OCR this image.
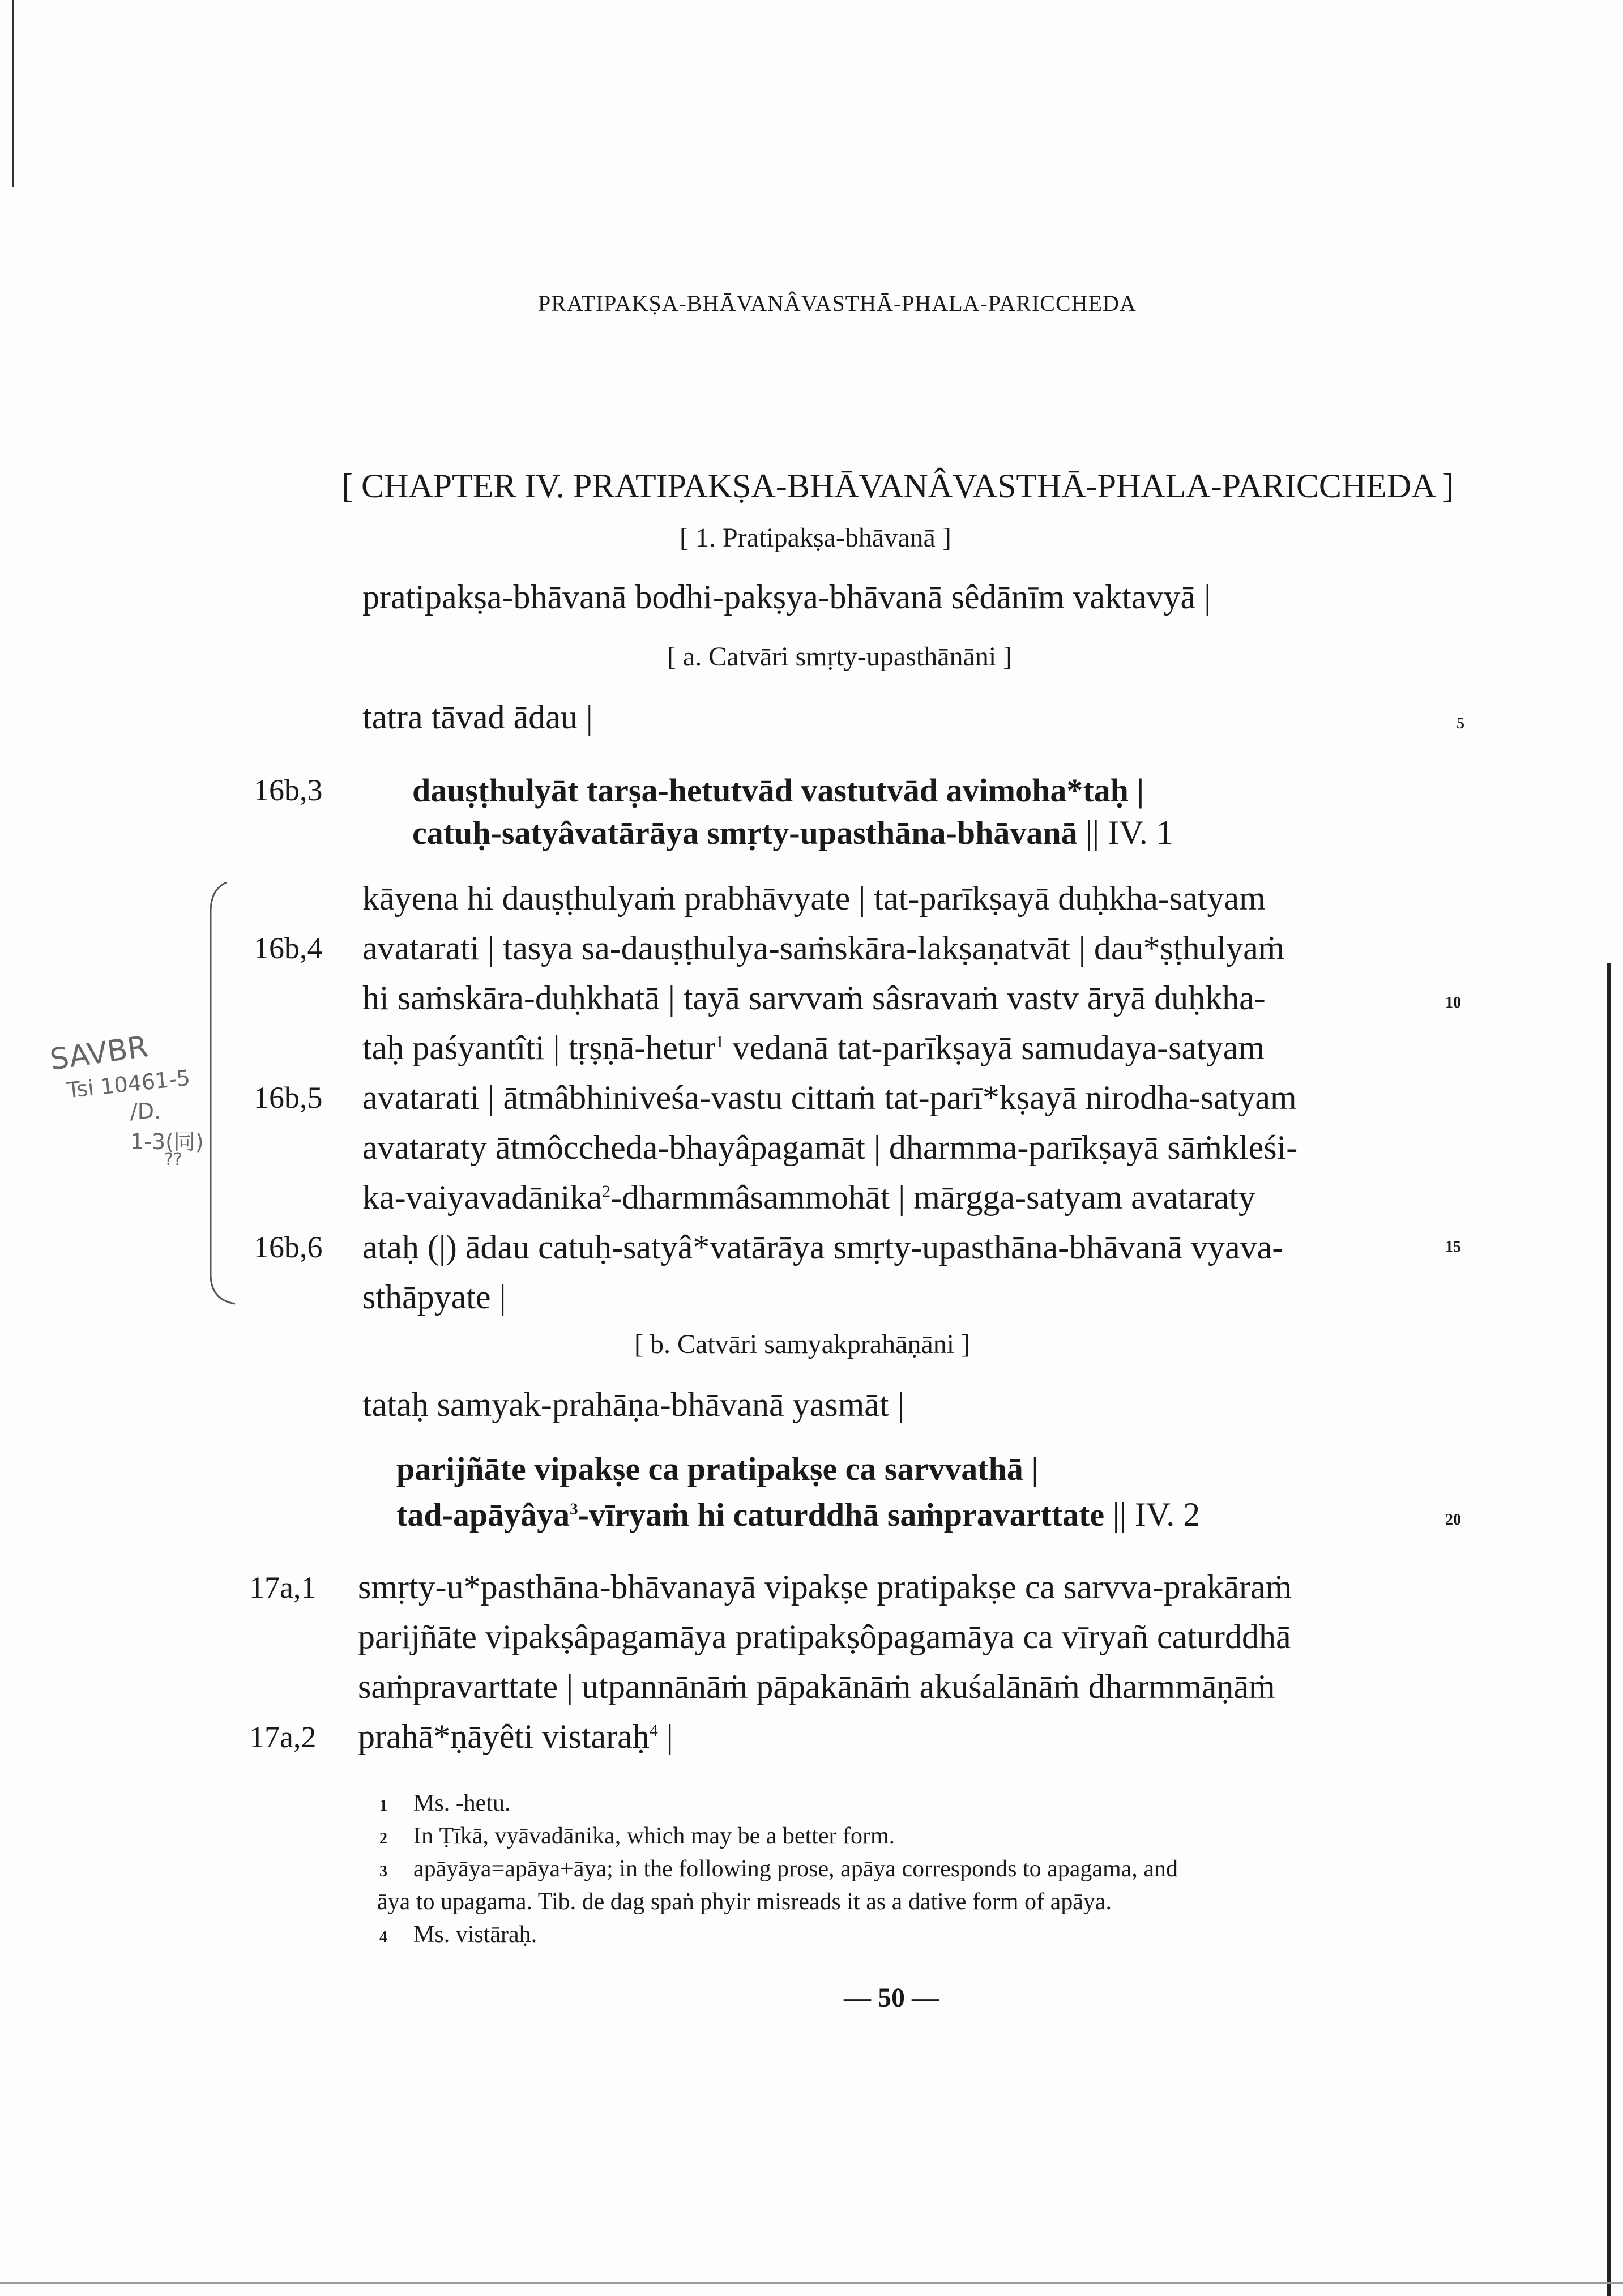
PRATIPAKṢA-BHĀVANÂVASTHĀ-PHALA-PARICCHEDA
[ CHAPTER IV. PRATIPAKṢA-BHĀVANÂVASTHĀ-PHALA-PARICCHEDA ]
[ 1. Pratipakṣa-bhāvanā ]
pratipakṣa-bhāvanā bodhi-pakṣya-bhāvanā sêdānīm vaktavyā |
[ a. Catvāri smṛty-upasthānāni ]
tatra tāvad ādau |	5
16b,3	dauṣṭhulyāt tarṣa-hetutvād vastutvād avimoha*taḥ |
catuḥ-satyâvatārāya smṛty-upasthāna-bhāvanā || IV. 1
kāyena hi dauṣṭhulyaṁ prabhāvyate | tat-parīkṣayā duḥkha-satyam
16b,4 avatarati | tasya sa-dauṣṭhulya-saṁskāra-lakṣaṇatvāt | dau*ṣṭhulyaṁ
hi saṁskāra-duḥkhatā | tayā sarvvaṁ sâsravaṁ vastv āryā duḥkha-	10
taḥ paśyantîti | tṛṣṇā-hetur$^1$ vedanā tat-parīkṣayā samudaya-satyam
16b,5 avatarati | ātmâbhiniveśa-vastu cittaṁ tat-parī*kṣayā nirodha-satyam
avataraty ātmôccheda-bhayâpagamāt | dharmma-parīkṣayā sāṁkleśi-
ka-vaiyavadānika$^2$-dharmmâsammohāt | mārgga-satyam avataraty
16b,6 ataḥ (|) ādau catuḥ-satyâ*vatārāya smṛty-upasthāna-bhāvanā vyava-	15
sthāpyate |
[ b. Catvāri samyakprahāṇāni ]
tataḥ samyak-prahāṇa-bhāvanā yasmāt |
parijñāte vipakṣe ca pratipakṣe ca sarvvathā |
tad-apāyâya$^3$-vīryaṁ hi caturddhā saṁpravarttate || IV. 2	20
17a,1 smṛty-u*pasthāna-bhāvanayā vipakṣe pratipakṣe ca sarvva-prakāraṁ
parijñāte vipakṣâpagamāya pratipakṣôpagamāya ca vīryañ caturddhā
saṁpravarttate | utpannānāṁ pāpakānāṁ akuśalānāṁ dharmmāṇāṁ
17a,2 prahā*ṇāyêti vistaraḥ$^4$ |
1 Ms. -hetu.
2 In Ṭīkā, vyāvadānika, which may be a better form.
3 apāyāya=apāya+āya; in the following prose, apāya corresponds to apagama, and
āya to upagama. Tib. de dag spaṅ phyir misreads it as a dative form of apāya.
4 Ms. vistāraḥ.
— 50 —
SAVBR
Tsi 10461-5
/D.
1-3(同)
??
